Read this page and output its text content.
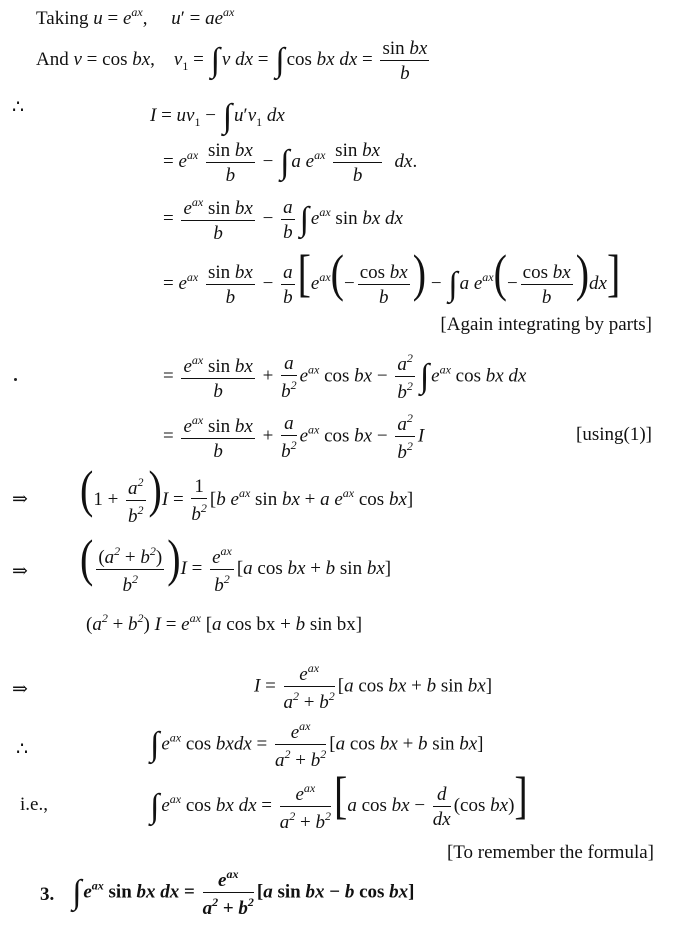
Taking $u = e^{ax}$,     $u' = ae^{ax}$
And v = cos bx,    $v_1$ = ∫ v dx = ∫ cos bx dx = $\frac{\text{sin bx}}{b}$
∴	$I = uv_1$ − ∫ $u'v_1$ dx
= $e^{ax} \frac{\text{sin bx}}{b}$ − ∫ a $e^{ax} \frac{\text{sin bx}}{b}$ dx.
= $\frac{e^{ax} \sin bx}{b} - \frac{a}{b}$ ∫ $e^{ax}$ sin bx dx
= $e^{ax} \frac{\text{sin bx}}{b} - \frac{a}{b} [e^{ax}(- \frac{\text{cos bx}}{b}$ ) − ∫ a $e^{ax}(- \frac{\text{cos bx}}{b} )dx$]
[Again integrating by parts]
= $\frac{e^{ax} \sin bx}{b} + \frac{a}{b^2} e^{ax}$ cos bx − $\frac{a^2}{b^2}$ ∫ $e^{ax}$ cos bx dx
= $\frac{e^{ax} \sin bx}{b} + \frac{a}{b^2} e^{ax}$ cos bx − $\frac{a^2}{b^2}$ I	[using(1)]
⇒ $(1 + \frac{a^2}{b^2} )I = \frac{1}{b^2} [b$ $e^{ax}$ sin bx + a $e^{ax}$ cos bx]
⇒ ( $\frac{(a^2 + b^2)}{b^2} )I = \frac{e^{ax}}{b^2} [a$ cos bx + b sin bx]
$(a^2 + b^2) I = e^{ax}$ [a cos bx + b sin bx]
⇒	$I = \frac{e^{ax}}{a^2 + b^2} [a$ cos bx + b sin bx]
∴	∫ $e^{ax}$ cos bxdx = $\frac{e^{ax}}{a^2 + b^2} [a$ cos bx + b sin bx]
i.e.,	∫ $e^{ax}$ cos bx dx = $\frac{e^{ax}}{a^2 + b^2} [a$ cos bx − $\frac{d}{dx} (\cos$ bx)]
[To remember the formula]
3. ∫ $e^{ax}$ sin bx dx = $\frac{e^{ax}}{a^2 + b^2} [a$ sin bx − b cos bx]
